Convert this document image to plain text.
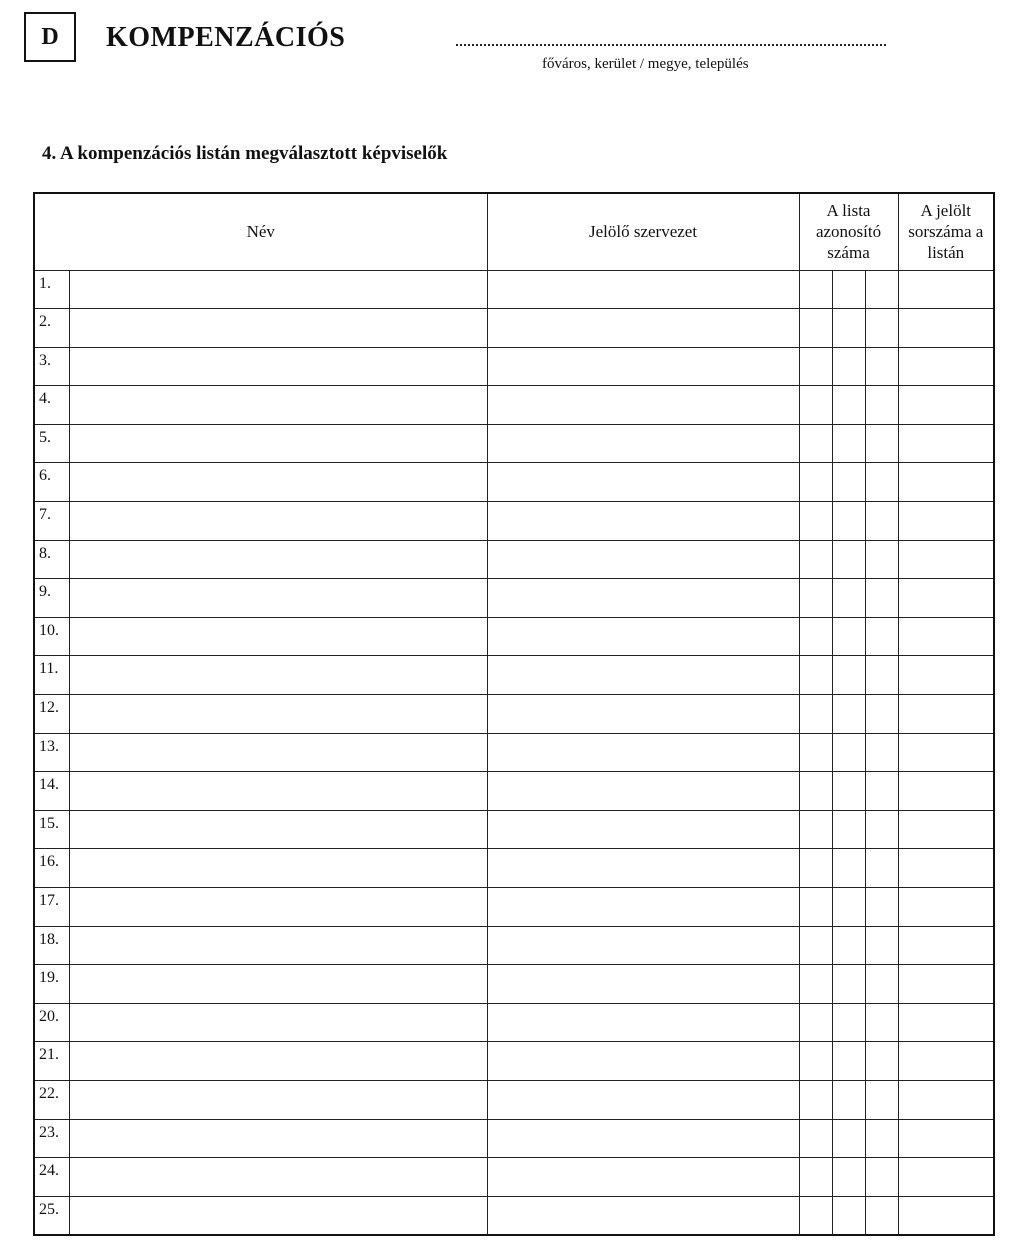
D KOMPENZÁCIÓS
főváros, kerület / megye, település
4. A kompenzációs listán megválasztott képviselők
Név		Jelölő szervezet	A lista azonosító száma			A jelölt sorszáma a listán
1.						
2.						
3.						
4.						
5.						
6.						
7.						
8.						
9.						
10.						
11.						
12.						
13.						
14.						
15.						
16.						
17.						
18.						
19.						
20.						
21.						
22.						
23.						
24.						
25.						
